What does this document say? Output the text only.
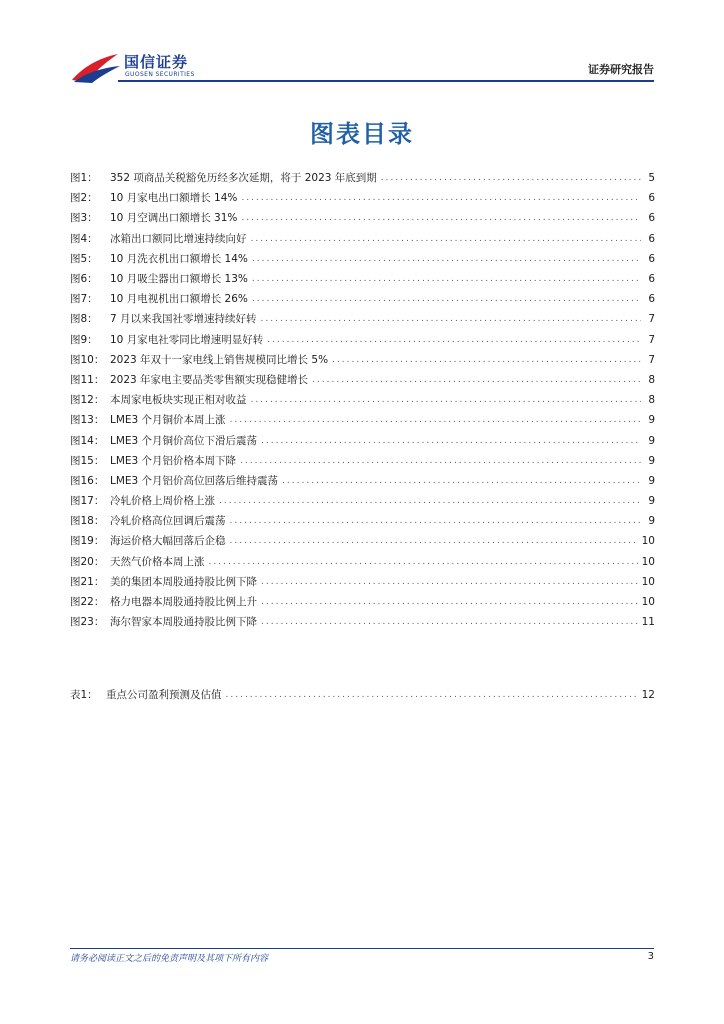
国信证券
GUOSEN SECURITIES	证券研究报告
图表目录
图1：	352 项商品关税豁免历经多次延期，将于 2023 年底到期 .....	5
图2：	10 月家电出口额增长 14% .....	6
图3：	10 月空调出口额增长 31% .....	6
图4：	冰箱出口额同比增速持续向好 .....	6
图5：	10 月洗衣机出口额增长 14% .....	6
图6：	10 月吸尘器出口额增长 13% .....	6
图7：	10 月电视机出口额增长 26% .....	6
图8：	7 月以来我国社零增速持续好转 .....	7
图9：	10 月家电社零同比增速明显好转 .....	7
图10： 2023 年双十一家电线上销售规模同比增长 5% .....	7
图11： 2023 年家电主要品类零售额实现稳健增长 .....	8
图12： 本周家电板块实现正相对收益 .....	8
图13： LME3 个月铜价本周上涨 .....	9
图14： LME3 个月铜价高位下滑后震荡 .....	9
图15： LME3 个月铝价格本周下降 .....	9
图16： LME3 个月铝价高位回落后维持震荡 .....	9
图17： 冷轧价格上周价格上涨 .....	9
图18： 冷轧价格高位回调后震荡 .....	9
图19： 海运价格大幅回落后企稳 .....	10
图20： 天然气价格本周上涨 .....	10
图21： 美的集团本周股通持股比例下降 .....	10
图22： 格力电器本周股通持股比例上升 .....	10
图23： 海尔智家本周股通持股比例下降 .....	11
表1： 重点公司盈利预测及估值 .....	12
请务必阅读正文之后的免责声明及其项下所有内容	3
